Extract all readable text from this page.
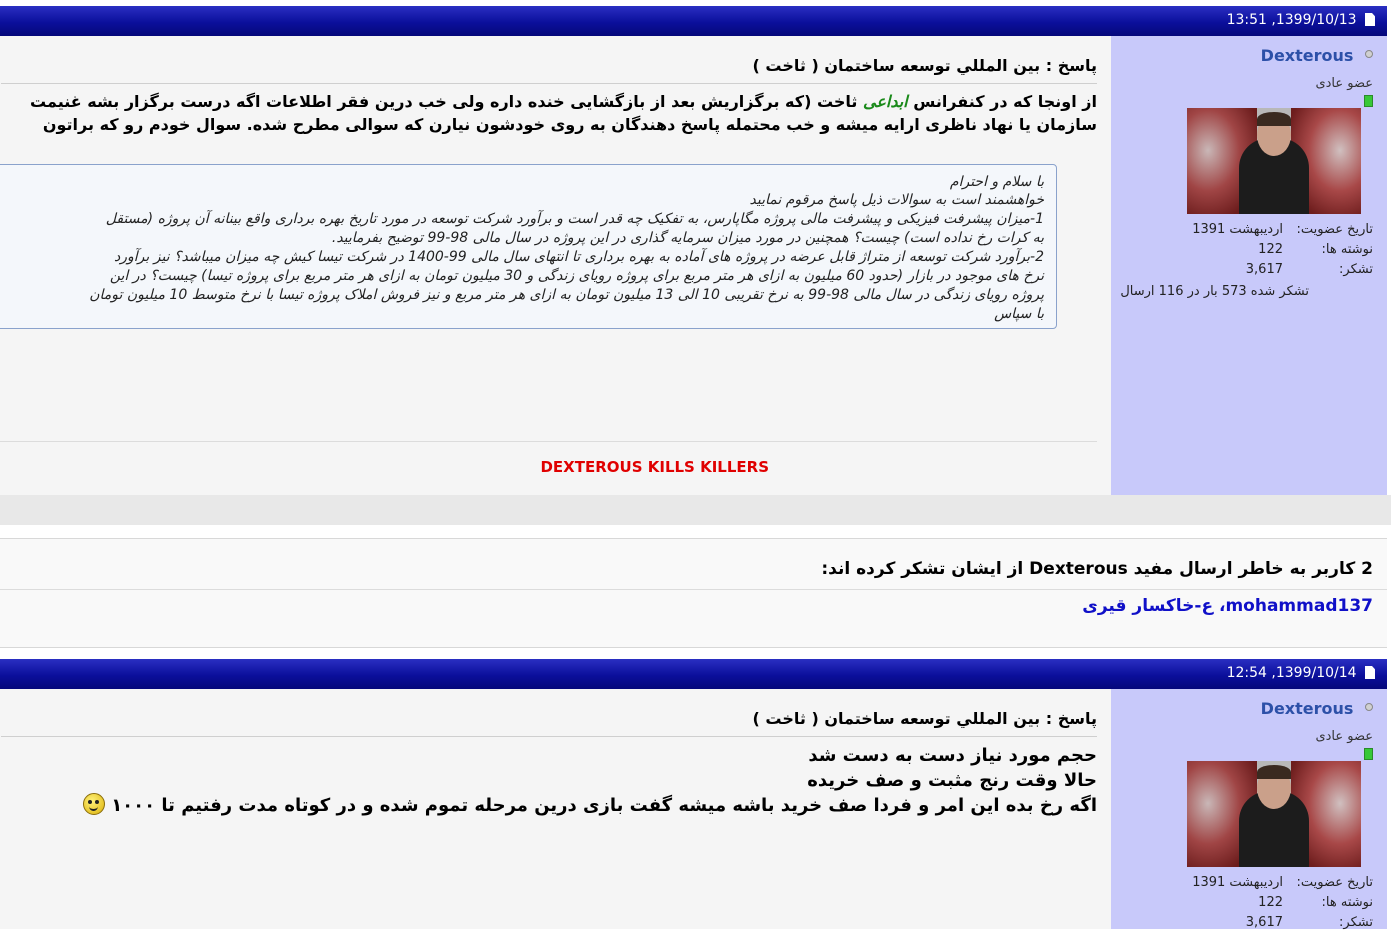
13:51 ,1399/10/13
Dexterous
عضو عادی
تاریخ عضویت:
اردیبهشت 1391
نوشته ها:
122
تشکر:
3,617
تشکر شده 573 بار در 116 ارسال
پاسخ : بين المللي توسعه ساختمان ( ثاخت )
از اونجا که در کنفرانس ابداعی ثاخت (که برگزاریش بعد از بازگشایی خنده داره ولی خب درین فقر اطلاعات اگه درست برگزار بشه غنیمت
سازمان یا نهاد ناظری ارایه میشه و خب محتمله پاسخ دهندگان به روی خودشون نیارن که سوالی مطرح شده. سوال خودم رو که براتون
با سلام و احترام
خواهشمند است به سوالات ذیل پاسخ مرقوم نمایید
1-میزان پیشرفت فیزیکی و پیشرفت مالی پروژه مگاپارس، به تفکیک چه قدر است و برآورد شرکت توسعه در مورد تاریخ بهره برداری واقع بینانه آن پروژه (مستقل
به کرات رخ نداده است) چیست؟ همچنین در مورد میزان سرمایه گذاری در این پروژه در سال مالی 98-99 توضیح بفرمایید.
2-برآورد شرکت توسعه از متراژ قابل عرضه در پروژه های آماده به بهره برداری تا انتهای سال مالی 99-1400 در شرکت تیسا کیش چه میزان میباشد؟ نیز برآورد
نرخ های موجود در بازار (حدود 60 میلیون به ازای هر متر مربع برای پروژه رویای زندگی و 30 میلیون تومان به ازای هر متر مربع برای پروژه تیسا) چیست؟ در این
پروژه رویای زندگی در سال مالی 98-99 به نرخ تقریبی 10 الی 13 میلیون تومان به ازای هر متر مربع و نیز فروش املاک پروژه تیسا با نرخ متوسط 10 میلیون تومان
با سپاس
DEXTEROUS KILLS KILLERS
2 کاربر به خاطر ارسال مفید Dexterous از ایشان تشکر کرده اند:
mohammad137، ع-خاکسار قیری
12:54 ,1399/10/14
Dexterous
عضو عادی
تاریخ عضویت:
اردیبهشت 1391
نوشته ها:
122
تشکر:
3,617
پاسخ : بين المللي توسعه ساختمان ( ثاخت )
حجم مورد نیاز دست به دست شد
حالا وقت رنج مثبت و صف خریده
اگه رخ بده این امر و فردا صف خرید باشه میشه گفت بازی درین مرحله تموم شده و در کوتاه مدت رفتیم تا ۱۰۰۰
